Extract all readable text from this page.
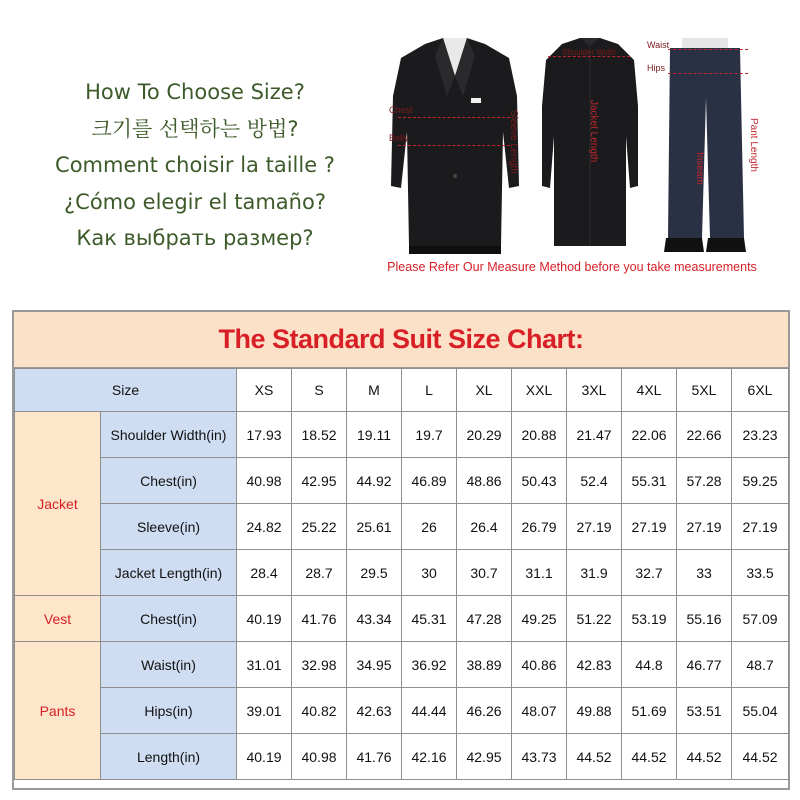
How To Choose Size?
크기를 선택하는 방법?
Comment choisir la taille ?
¿Cómo elegir el tamaño?
Как выбрать размер?
Chest
Belly	Sleeve Length
Shoulder Width
Jacket Length
Waist
Hips
Inseam	Pant Length
Please Refer Our Measure Method before you take measurements
The Standard Suit Size Chart:
Size		XS	S	M	L	XL	XXL	3XL	4XL	5XL	6XL
Jacket	Shoulder Width(in)	17.93	18.52	19.11	19.7	20.29	20.88	21.47	22.06	22.66	23.23
	Chest(in)	40.98	42.95	44.92	46.89	48.86	50.43	52.4	55.31	57.28	59.25
	Sleeve(in)	24.82	25.22	25.61	26	26.4	26.79	27.19	27.19	27.19	27.19
	Jacket Length(in)	28.4	28.7	29.5	30	30.7	31.1	31.9	32.7	33	33.5
Vest	Chest(in)	40.19	41.76	43.34	45.31	47.28	49.25	51.22	53.19	55.16	57.09
Pants	Waist(in)	31.01	32.98	34.95	36.92	38.89	40.86	42.83	44.8	46.77	48.7
	Hips(in)	39.01	40.82	42.63	44.44	46.26	48.07	49.88	51.69	53.51	55.04
	Length(in)	40.19	40.98	41.76	42.16	42.95	43.73	44.52	44.52	44.52	44.52
